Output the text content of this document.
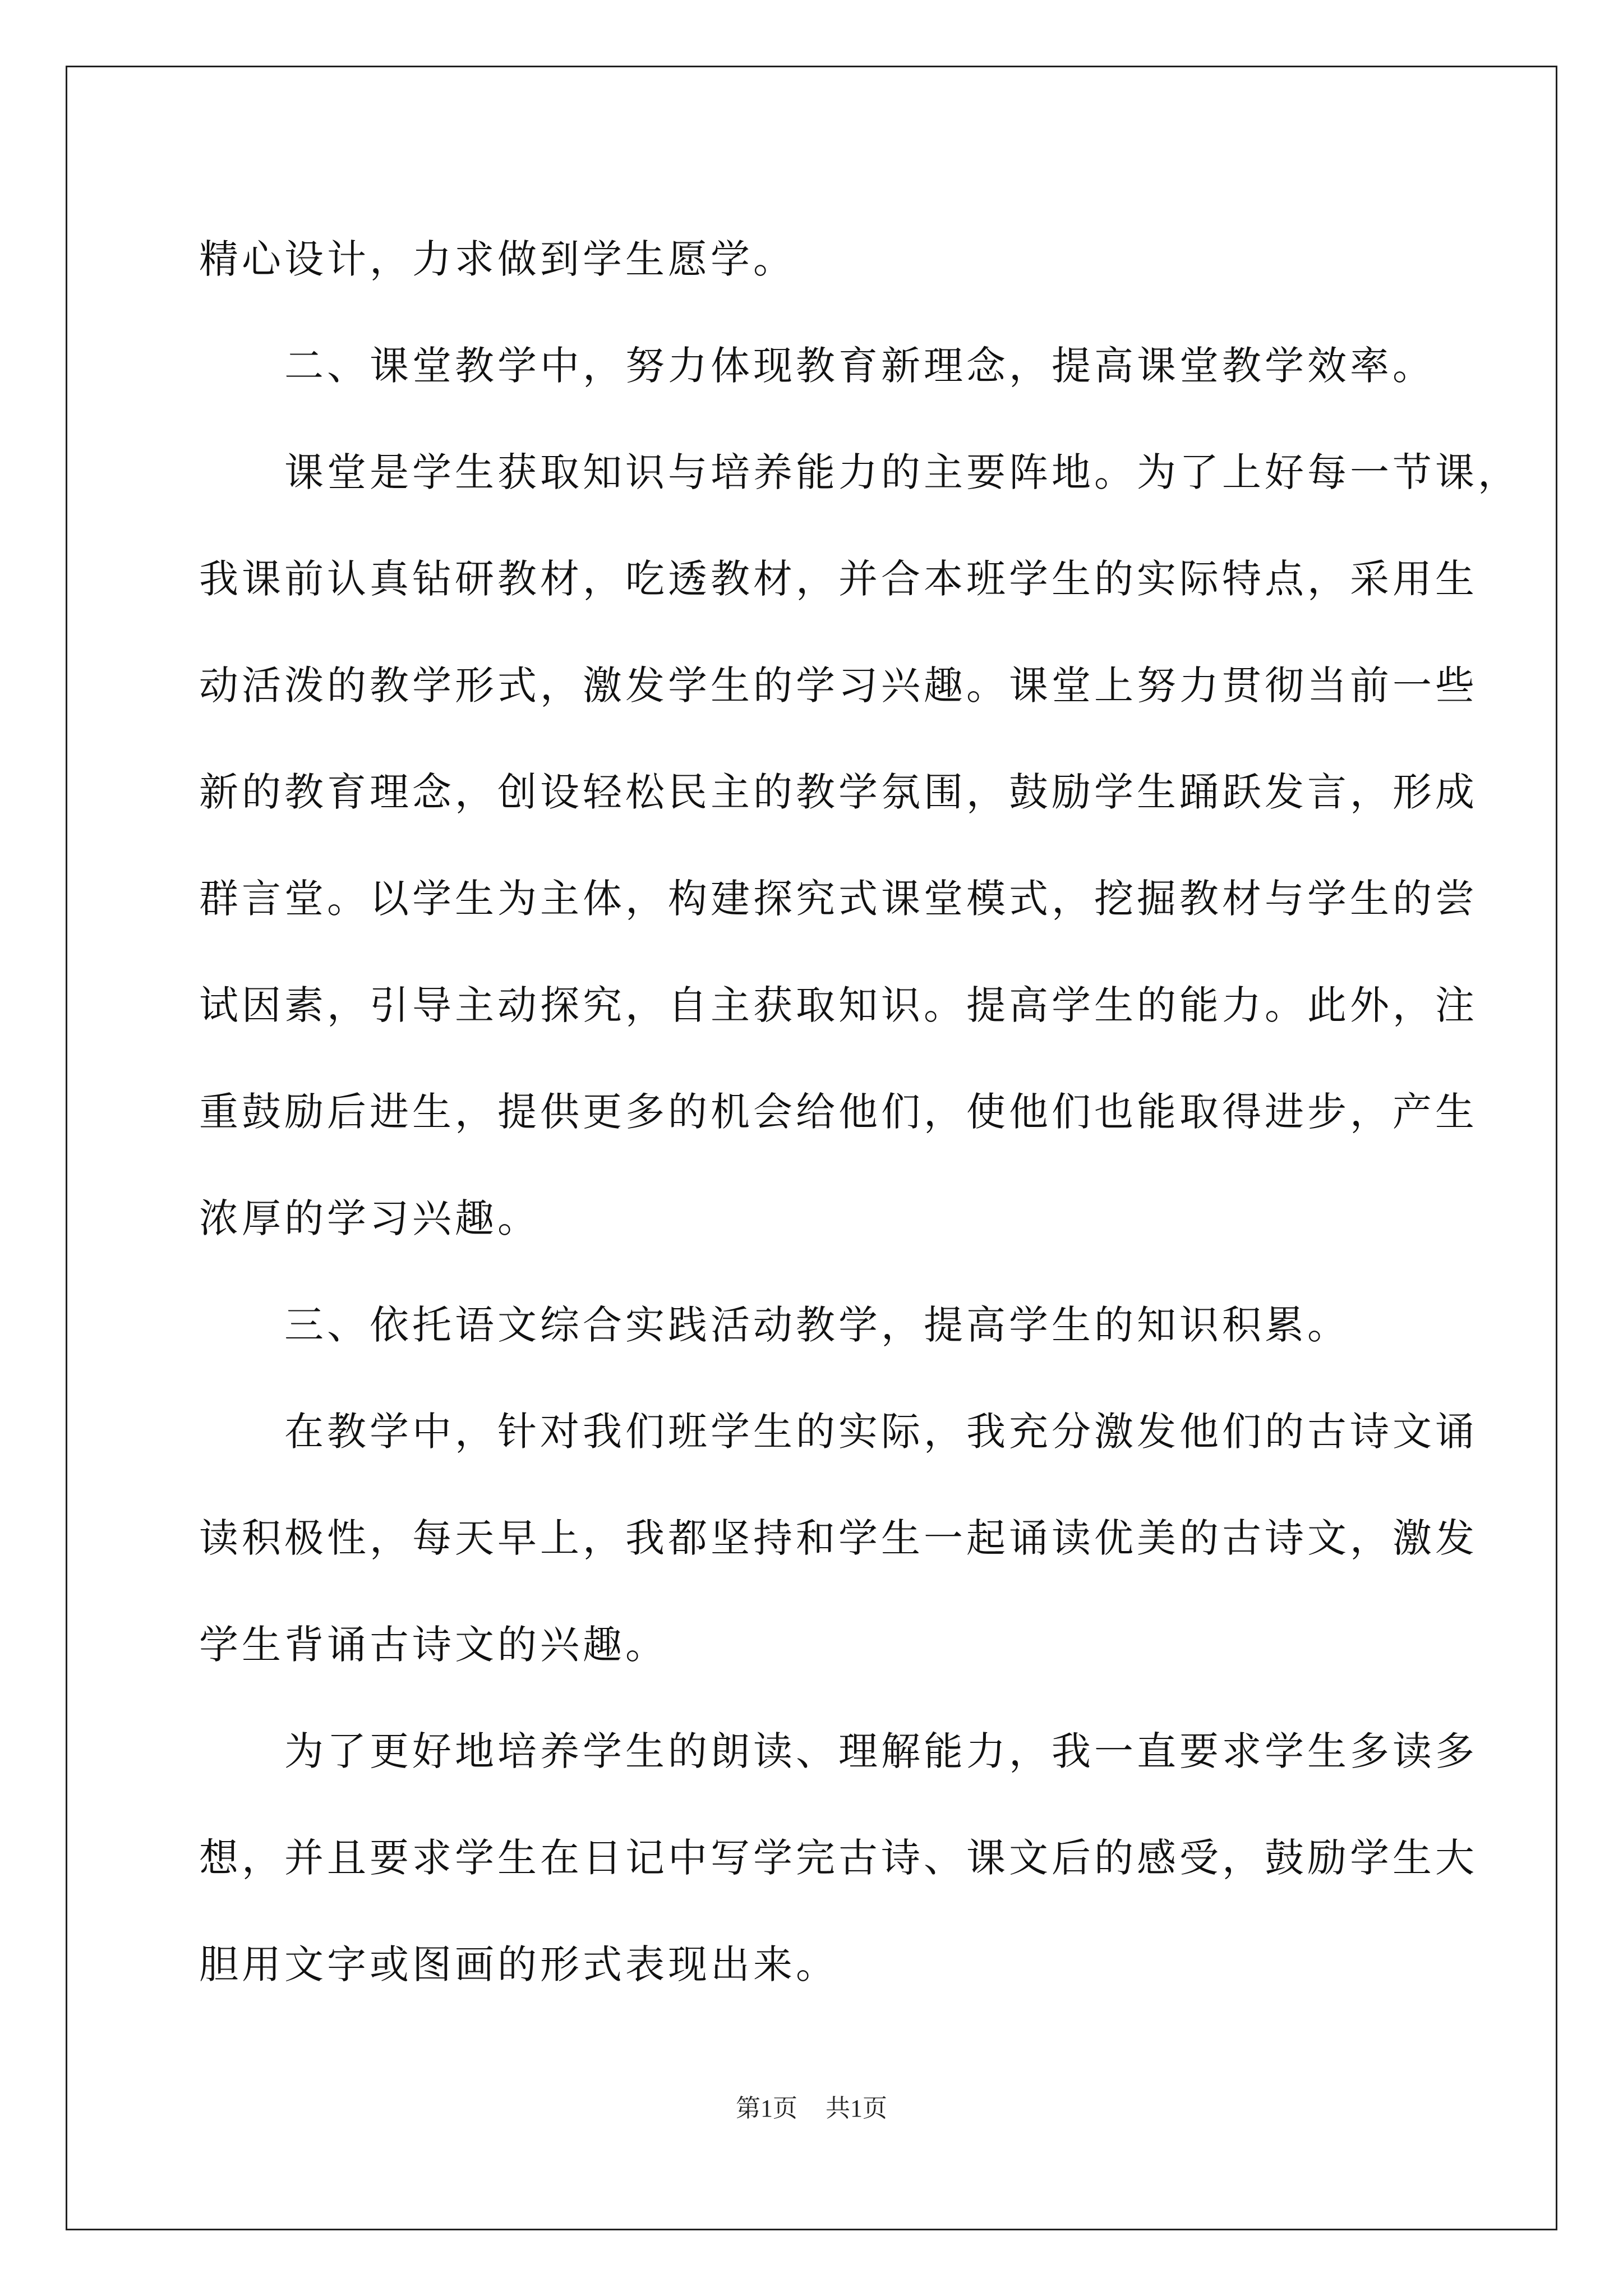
精心设计，力求做到学生愿学。

二、课堂教学中，努力体现教育新理念，提高课堂教学效率。

课堂是学生获取知识与培养能力的主要阵地。为了上好每一节课，
我课前认真钻研教材，吃透教材，并合本班学生的实际特点，采用生
动活泼的教学形式，激发学生的学习兴趣。课堂上努力贯彻当前一些
新的教育理念，创设轻松民主的教学氛围，鼓励学生踊跃发言，形成
群言堂。以学生为主体，构建探究式课堂模式，挖掘教材与学生的尝
试因素，引导主动探究，自主获取知识。提高学生的能力。此外，注
重鼓励后进生，提供更多的机会给他们，使他们也能取得进步，产生
浓厚的学习兴趣。

三、依托语文综合实践活动教学，提高学生的知识积累。

在教学中，针对我们班学生的实际，我充分激发他们的古诗文诵
读积极性，每天早上，我都坚持和学生一起诵读优美的古诗文，激发
学生背诵古诗文的兴趣。

为了更好地培养学生的朗读、理解能力，我一直要求学生多读多
想，并且要求学生在日记中写学完古诗、课文后的感受，鼓励学生大
胆用文字或图画的形式表现出来。

第1页 共1页
